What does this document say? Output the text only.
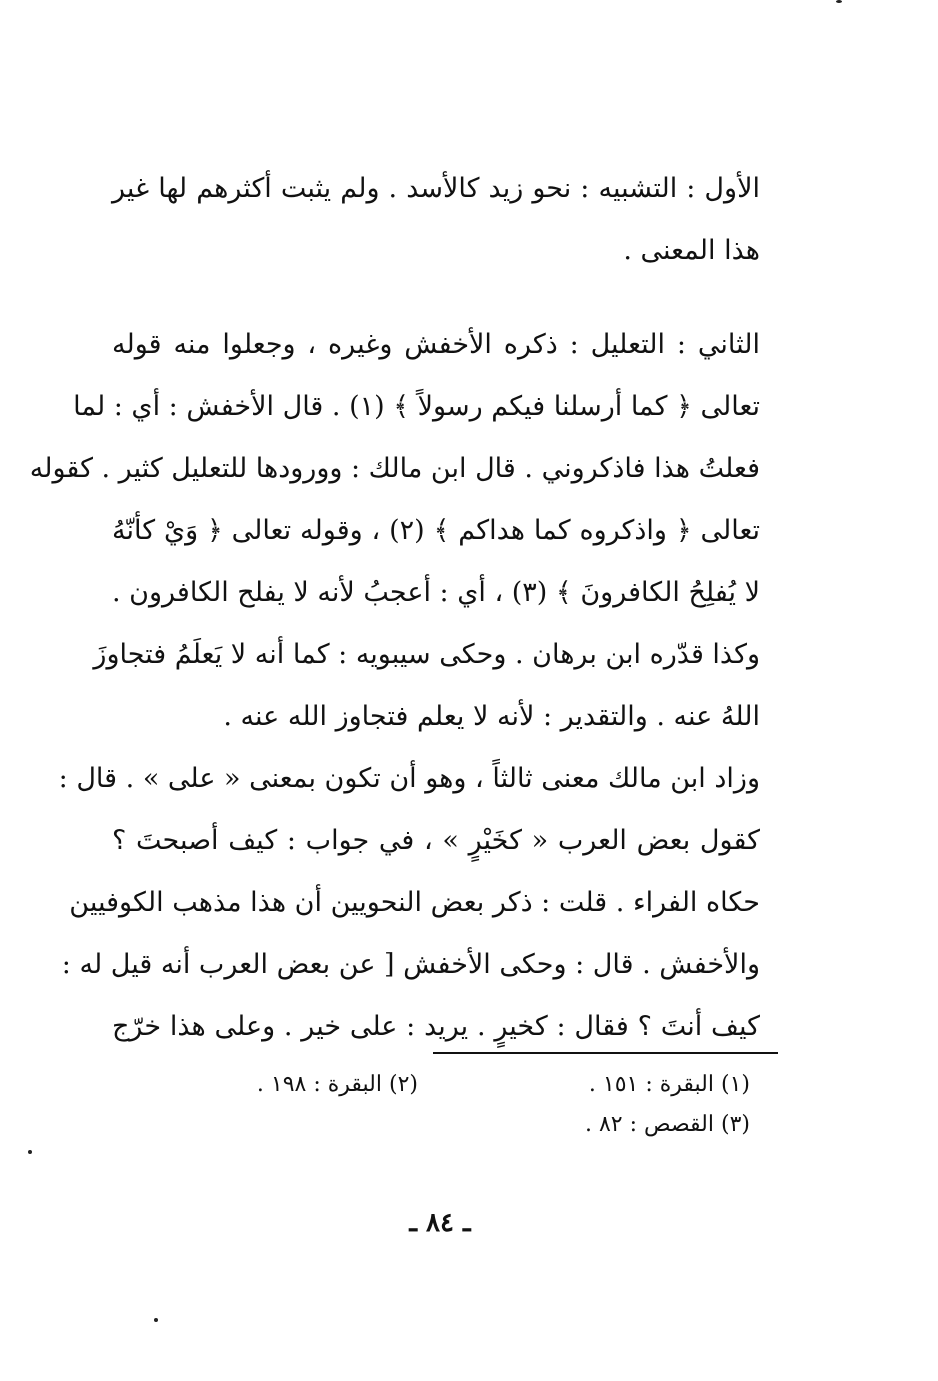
الأول : التشبيه : نحو زيد كالأسد . ولم يثبت أكثرهم لها غير
هذا المعنى .
الثاني : التعليل : ذكره الأخفش وغيره ، وجعلوا منه قوله
تعالى ﴿ كما أرسلنا فيكم رسولاً ﴾ (١) . قال الأخفش : أي : لما
فعلتُ هذا فاذكروني . قال ابن مالك : وورودها للتعليل كثير . كقوله
تعالى ﴿ واذكروه كما هداكم ﴾ (٢) ، وقوله تعالى ﴿ وَيْ كأنّهُ
لا يُفلِحُ الكافرونَ ﴾ (٣) ، أي : أعجبُ لأنه لا يفلح الكافرون .
وكذا قدّره ابن برهان . وحكى سيبويه : كما أنه لا يَعلَمُ فتجاوزَ
اللهُ عنه . والتقدير : لأنه لا يعلم فتجاوز الله عنه .
وزاد ابن مالك معنى ثالثاً ، وهو أن تكون بمعنى « على » . قال :
كقول بعض العرب « كخَيْرٍ » ، في جواب : كيف أصبحتَ ؟
حكاه الفراء . قلت : ذكر بعض النحويين أن هذا مذهب الكوفيين
والأخفش . قال : وحكى الأخفش [ عن بعض العرب أنه قيل له :
كيف أنتَ ؟ فقال : كخيرٍ . يريد : على خير . وعلى هذا خرّج
(١) البقرة : ١٥١ .
(٢) البقرة : ١٩٨ .
(٣) القصص : ٨٢ .
ـ ٨٤ ـ
